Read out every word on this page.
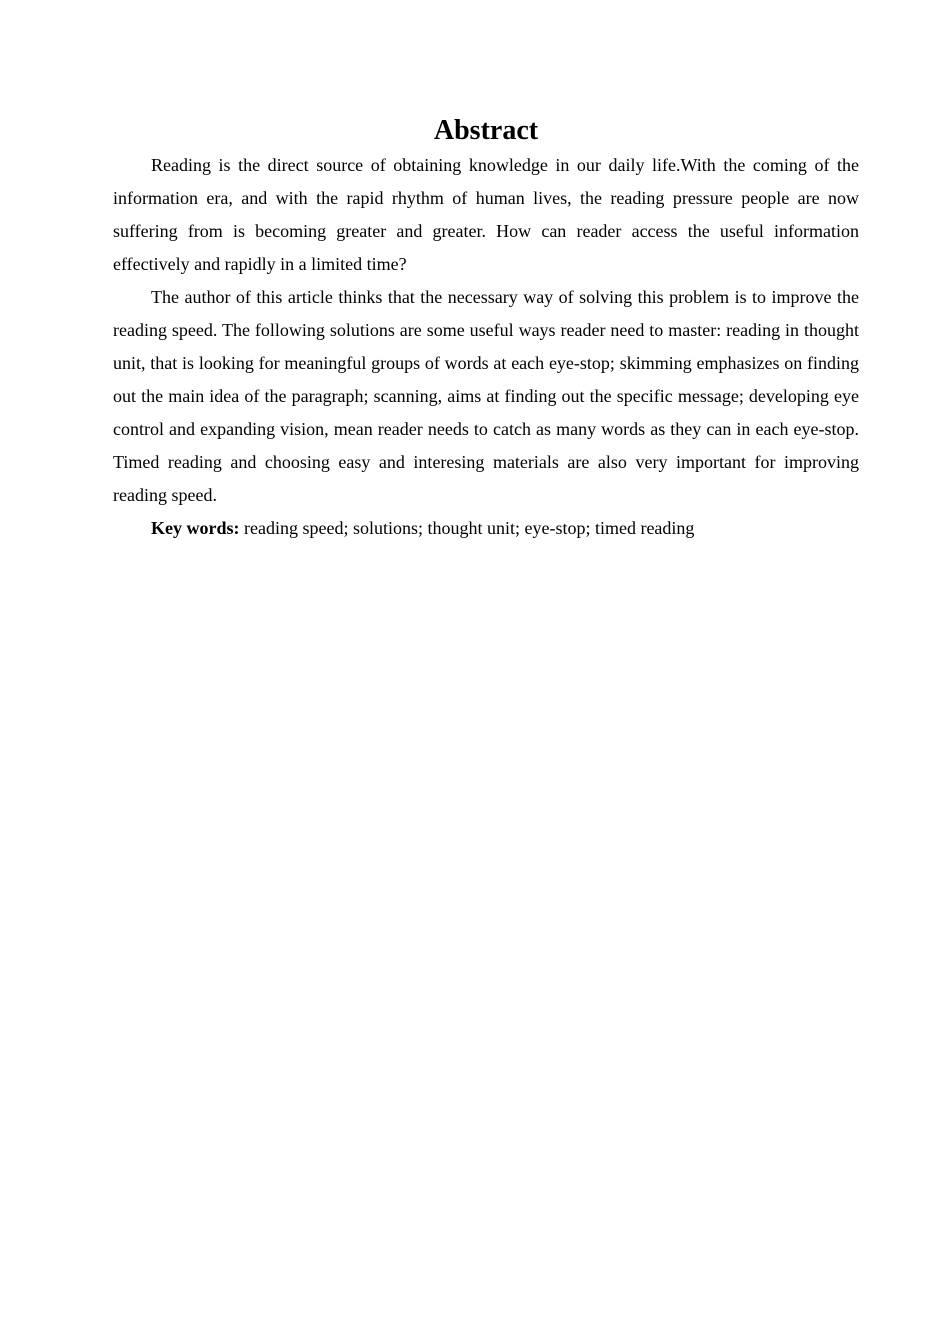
Abstract

Reading is the direct source of obtaining knowledge in our daily life.With the coming of the information era, and with the rapid rhythm of human lives, the reading pressure people are now suffering from is becoming greater and greater. How can reader access the useful information effectively and rapidly in a limited time?

The author of this article thinks that the necessary way of solving this problem is to improve the reading speed. The following solutions are some useful ways reader need to master: reading in thought unit, that is looking for meaningful groups of words at each eye-stop; skimming emphasizes on finding out the main idea of the paragraph; scanning, aims at finding out the specific message; developing eye control and expanding vision, mean reader needs to catch as many words as they can in each eye-stop. Timed reading and choosing easy and interesing materials are also very important for improving reading speed.

Key words: reading speed; solutions; thought unit; eye-stop; timed reading
